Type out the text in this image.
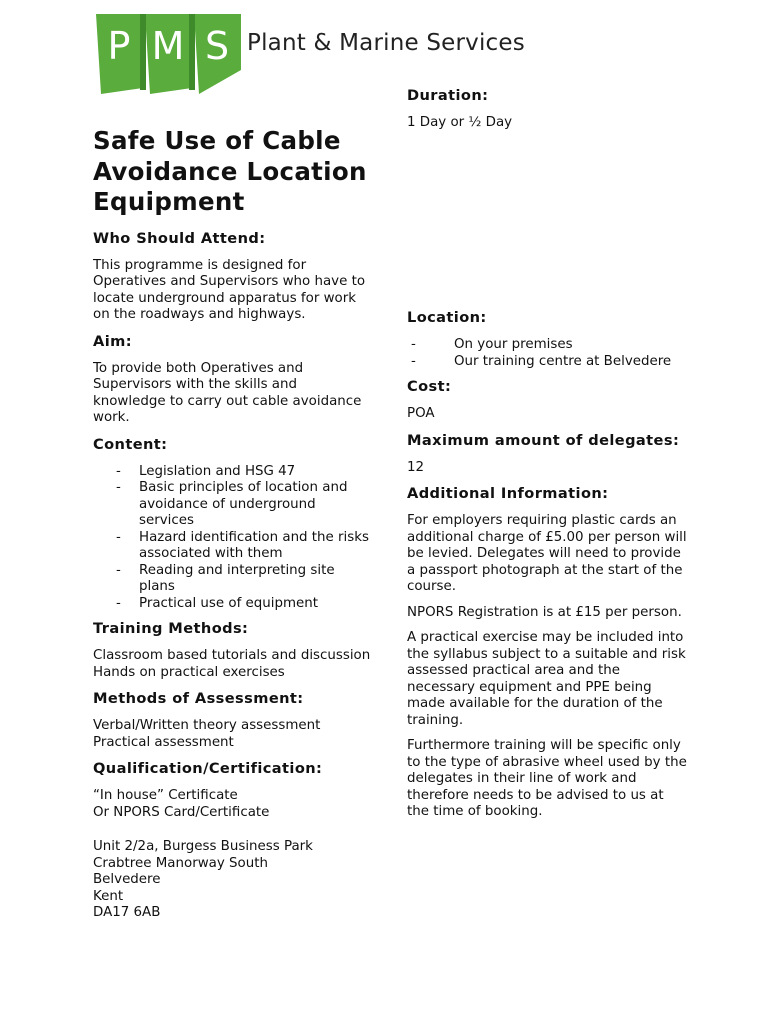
P M S Plant & Marine Services
Safe Use of Cable Avoidance Location Equipment
Who Should Attend:
This programme is designed for Operatives and Supervisors who have to locate underground apparatus for work on the roadways and highways.
Aim:
To provide both Operatives and Supervisors with the skills and knowledge to carry out cable avoidance work.
Content:
- Legislation and HSG 47
- Basic principles of location and avoidance of underground services
- Hazard identification and the risks associated with them
- Reading and interpreting site plans
- Practical use of equipment
Training Methods:
Classroom based tutorials and discussion
Hands on practical exercises
Methods of Assessment:
Verbal/Written theory assessment
Practical assessment
Qualification/Certification:
“In house” Certificate
Or NPORS Card/Certificate
Unit 2/2a, Burgess Business Park
Crabtree Manorway South
Belvedere
Kent
DA17 6AB
Duration:
1 Day or ½ Day
Location:
- On your premises
- Our training centre at Belvedere
Cost:
POA
Maximum amount of delegates:
12
Additional Information:
For employers requiring plastic cards an additional charge of £5.00 per person will be levied. Delegates will need to provide a passport photograph at the start of the course.
NPORS Registration is at £15 per person.
A practical exercise may be included into the syllabus subject to a suitable and risk assessed practical area and the necessary equipment and PPE being made available for the duration of the training.
Furthermore training will be specific only to the type of abrasive wheel used by the delegates in their line of work and therefore needs to be advised to us at the time of booking.
